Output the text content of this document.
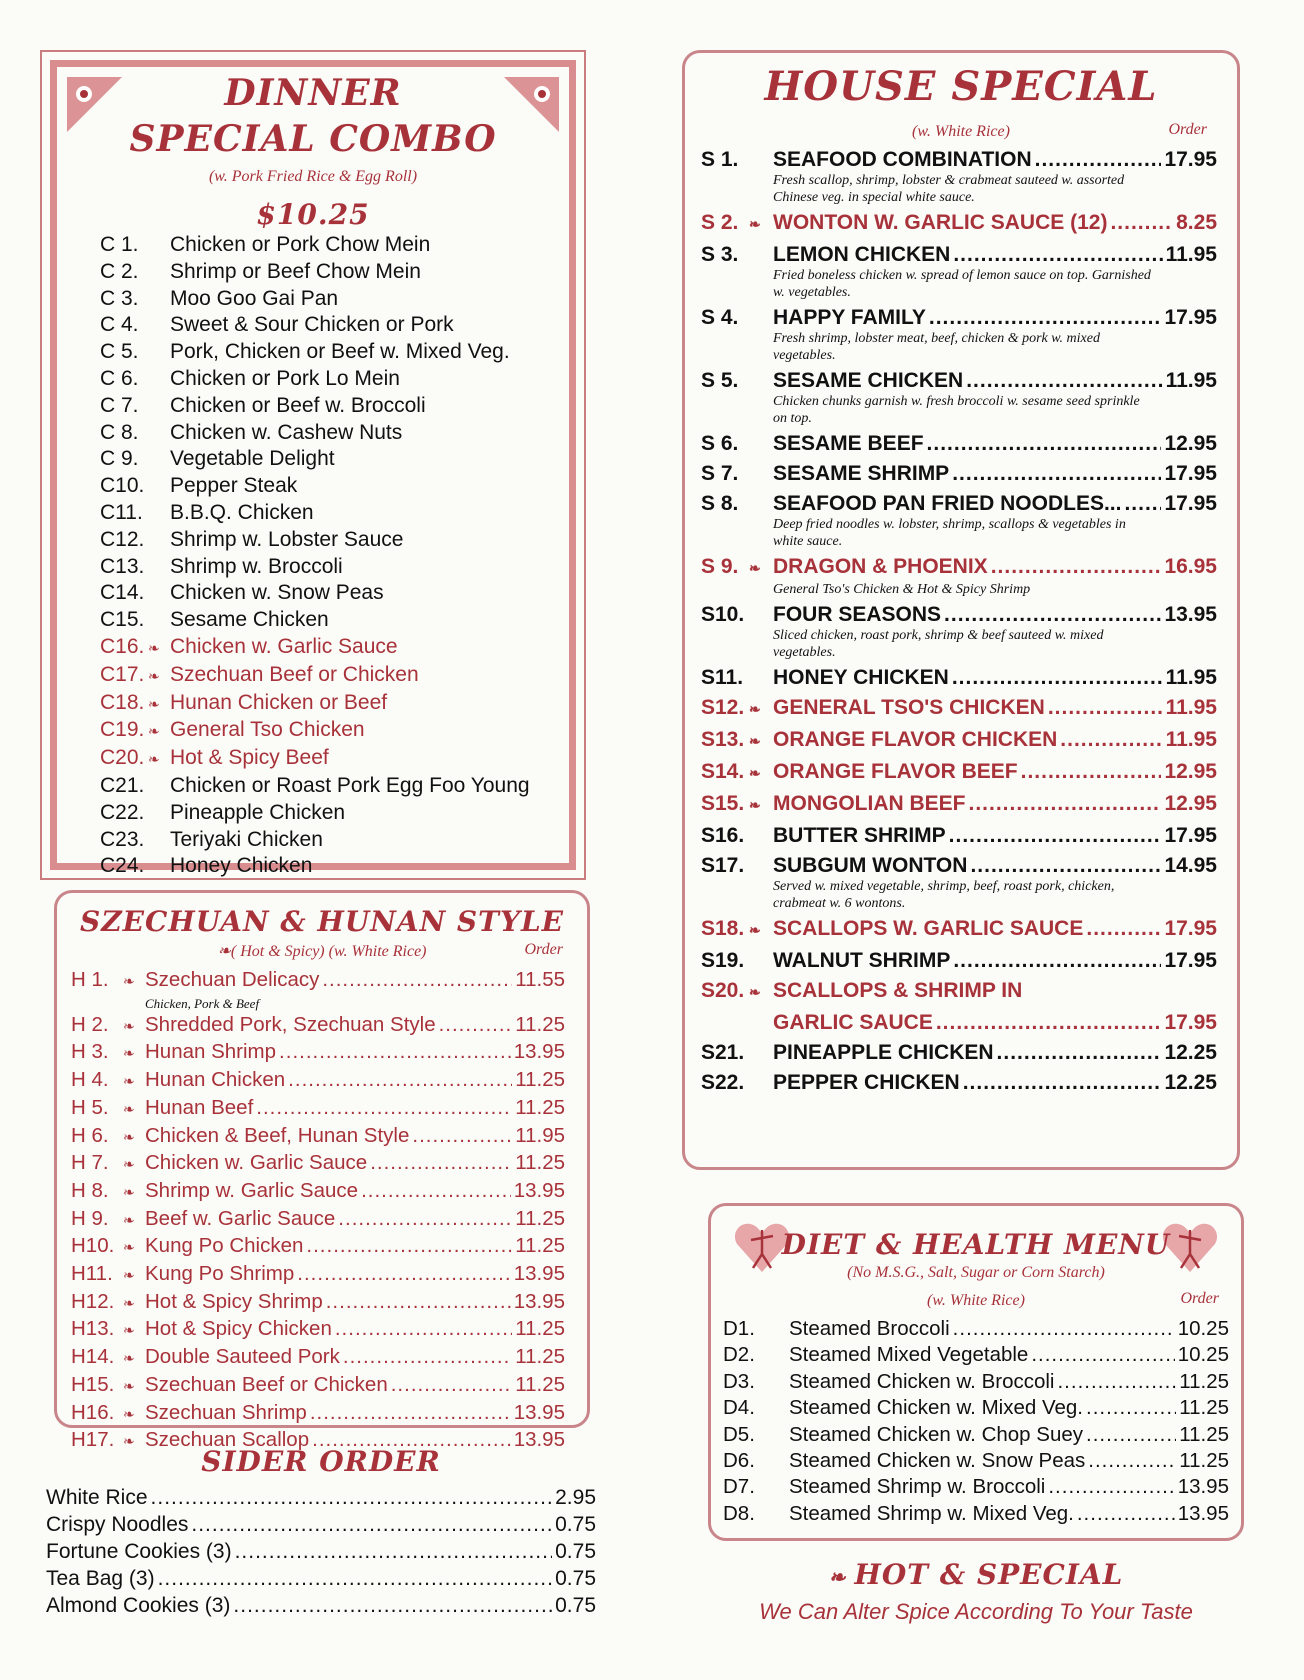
DINNER
SPECIAL COMBO
(w. Pork Fried Rice & Egg Roll)
$10.25
C 1.	Chicken or Pork Chow Mein
C 2.	Shrimp or Beef Chow Mein
C 3.	Moo Goo Gai Pan
C 4.	Sweet & Sour Chicken or Pork
C 5.	Pork, Chicken or Beef w. Mixed Veg.
C 6.	Chicken or Pork Lo Mein
C 7.	Chicken or Beef w. Broccoli
C 8.	Chicken w. Cashew Nuts
C 9.	Vegetable Delight
C10.	Pepper Steak
C11.	B.B.Q. Chicken
C12.	Shrimp w. Lobster Sauce
C13.	Shrimp w. Broccoli
C14.	Chicken w. Snow Peas
C15.	Sesame Chicken
C16. ❧ Chicken w. Garlic Sauce
C17. ❧ Szechuan Beef or Chicken
C18. ❧ Hunan Chicken or Beef
C19. ❧ General Tso Chicken
C20. ❧ Hot & Spicy Beef
C21.	Chicken or Roast Pork Egg Foo Young
C22.	Pineapple Chicken
C23.	Teriyaki Chicken
C24.	Honey Chicken
HOUSE SPECIAL
(w. White Rice)	Order
S 1.	SEAFOOD COMBINATION .....	17.95
Fresh scallop, shrimp, lobster & crabmeat sauteed w. assorted Chinese veg. in special white sauce.
S 2. ❧ WONTON W. GARLIC SAUCE (12) .....	8.25
S 3.	LEMON CHICKEN .....	11.95
Fried boneless chicken w. spread of lemon sauce on top. Garnished w. vegetables.
S 4.	HAPPY FAMILY .....	17.95
Fresh shrimp, lobster meat, beef, chicken & pork w. mixed vegetables.
S 5.	SESAME CHICKEN .....	11.95
Chicken chunks garnish w. fresh broccoli w. sesame seed sprinkle on top.
S 6.	SESAME BEEF .....	12.95
S 7.	SESAME SHRIMP .....	17.95
S 8.	SEAFOOD PAN FRIED NOODLES... ..... 17.95
Deep fried noodles w. lobster, shrimp, scallops & vegetables in white sauce.
S 9. ❧ DRAGON & PHOENIX .....	16.95
General Tso's Chicken & Hot & Spicy Shrimp
S10.	FOUR SEASONS .....	13.95
Sliced chicken, roast pork, shrimp & beef sauteed w. mixed vegetables.
S11.	HONEY CHICKEN .....	11.95
S12. ❧ GENERAL TSO'S CHICKEN .....	11.95
S13. ❧ ORANGE FLAVOR CHICKEN .....	11.95
S14. ❧ ORANGE FLAVOR BEEF .....	12.95
S15. ❧ MONGOLIAN BEEF .....	12.95
S16.	BUTTER SHRIMP .....	17.95
S17.	SUBGUM WONTON .....	14.95
Served w. mixed vegetable, shrimp, beef, roast pork, chicken, crabmeat w. 6 wontons.
S18. ❧ SCALLOPS W. GARLIC SAUCE .....	17.95
S19.	WALNUT SHRIMP .....	17.95
S20. ❧ SCALLOPS & SHRIMP IN
GARLIC SAUCE .....	17.95
S21.	PINEAPPLE CHICKEN .....	12.25
S22.	PEPPER CHICKEN .....	12.25
SZECHUAN & HUNAN STYLE
❧( Hot & Spicy) (w. White Rice)	Order
H 1.	❧ Szechuan Delicacy .....	11.55
Chicken, Pork & Beef
H 2.	❧ Shredded Pork, Szechuan Style .....	11.25
H 3.	❧ Hunan Shrimp .....	13.95
H 4.	❧ Hunan Chicken .....	11.25
H 5.	❧ Hunan Beef .....	11.25
H 6.	❧ Chicken & Beef, Hunan Style .....	11.95
H 7.	❧ Chicken w. Garlic Sauce .....	11.25
H 8.	❧ Shrimp w. Garlic Sauce .....	13.95
H 9.	❧ Beef w. Garlic Sauce .....	11.25
H10. ❧ Kung Po Chicken .....	11.25
H11. ❧ Kung Po Shrimp .....	13.95
H12. ❧ Hot & Spicy Shrimp .....	13.95
H13. ❧ Hot & Spicy Chicken .....	11.25
H14. ❧ Double Sauteed Pork .....	11.25
H15. ❧ Szechuan Beef or Chicken .....	11.25
H16. ❧ Szechuan Shrimp .....	13.95
H17. ❧ Szechuan Scallop .....	13.95
SIDER ORDER
White Rice .....	2.95
Crispy Noodles .....	0.75
Fortune Cookies (3) .....	0.75
Tea Bag (3) .....	0.75
Almond Cookies (3) .....	0.75
DIET & HEALTH MENU
(No M.S.G., Salt, Sugar or Corn Starch)
(w. White Rice)	Order
D1.	Steamed Broccoli .....	10.25
D2.	Steamed Mixed Vegetable .....	10.25
D3.	Steamed Chicken w. Broccoli .....	11.25
D4.	Steamed Chicken w. Mixed Veg. .....	11.25
D5.	Steamed Chicken w. Chop Suey .....	11.25
D6.	Steamed Chicken w. Snow Peas .....	11.25
D7.	Steamed Shrimp w. Broccoli .....	13.95
D8.	Steamed Shrimp w. Mixed Veg. .....	13.95
❧ HOT & SPECIAL
We Can Alter Spice According To Your Taste
